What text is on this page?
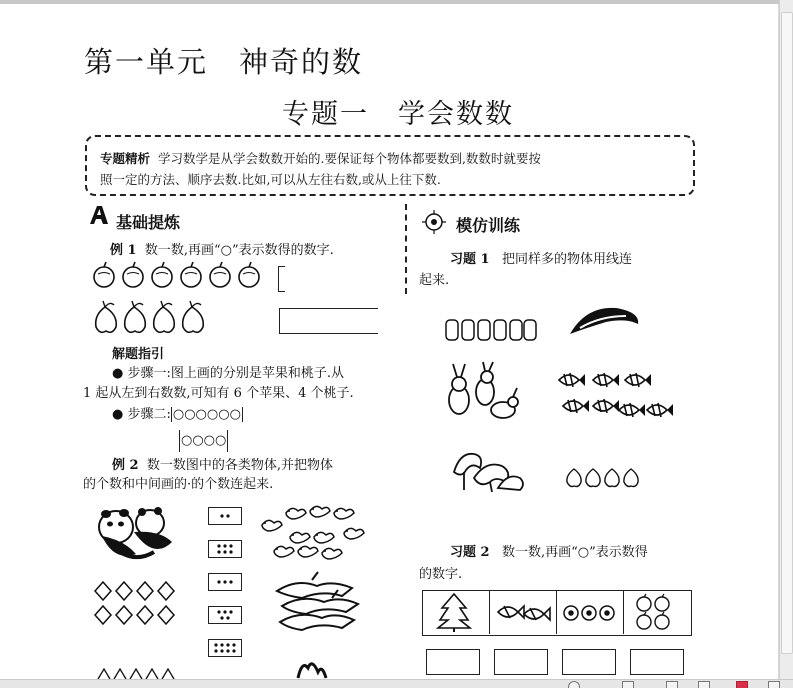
第一单元　神奇的数
专题一　学会数数
专题精析 学习数学是从学会数数开始的.要保证每个物体都要数到,数数时就要按
照一定的方法、顺序去数.比如,可以从左往右数,或从上往下数.
基础提炼
例 1 数一数,再画“○”表示数得的数字.
解题指引
● 步骤一:图上画的分别是苹果和桃子.从
1 起从左到右数数,可知有 6 个苹果、4 个桃子.
● 步骤二: ○○○○○○
○○○○
例 2 数一数图中的各类物体,并把物体
的个数和中间画的·的个数连起来.
模仿训练
习题 1 把同样多的物体用线连
起来.
习题 2 数一数,再画“○”表示数得
的数字.
